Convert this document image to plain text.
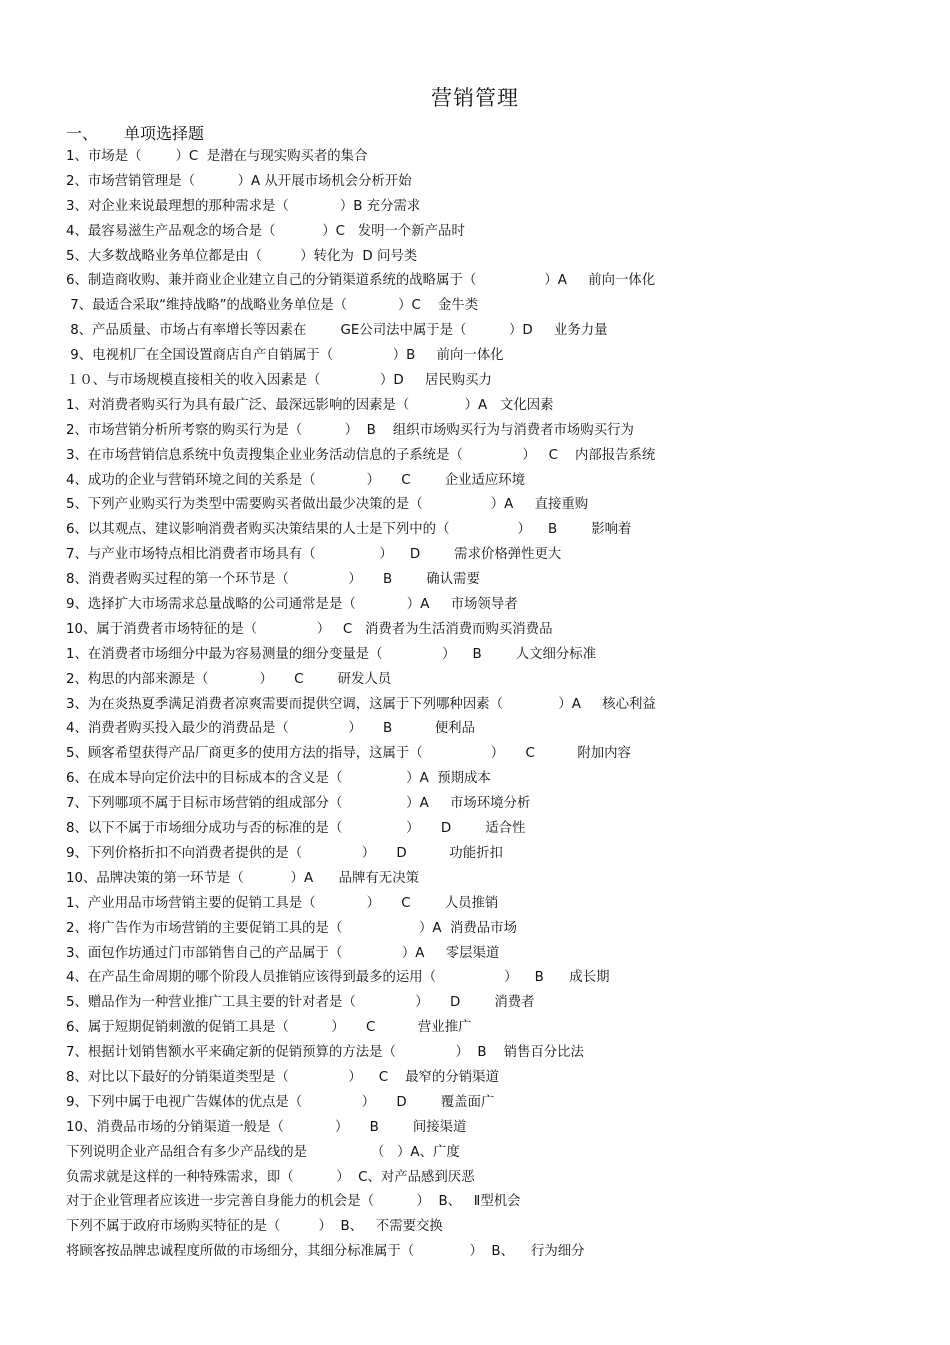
营销管理
一、 单项选择题
1、市场是（        ）C  是潜在与现实购买者的集合
2、市场营销管理是（          ）A 从开展市场机会分析开始
3、对企业来说最理想的那种需求是（            ）B 充分需求
4、最容易滋生产品观念的场合是（           ）C   发明一个新产品时
5、大多数战略业务单位都是由（         ）转化为  D 问号类
6、制造商收购、兼并商业企业建立自己的分销渠道系统的战略属于（                ）A     前向一体化
7、最适合采取“维持战略”的战略业务单位是（            ）C    金牛类
8、产品质量、市场占有率增长等因素在        GE公司法中属于是（          ）D     业务力量
9、电视机厂在全国设置商店自产自销属于（              ）B     前向一体化
１０、与市场规模直接相关的收入因素是（              ）D     居民购买力
1、对消费者购买行为具有最广泛、最深远影响的因素是（             ）A   文化因素
2、市场营销分析所考察的购买行为是（          ）  B    组织市场购买行为与消费者市场购买行为
3、在市场营销信息系统中负责搜集企业业务活动信息的子系统是（              ）   C    内部报告系统
4、成功的企业与营销环境之间的关系是（            ）     C        企业适应环境
5、下列产业购买行为类型中需要购买者做出最少决策的是（                ）A     直接重购
6、以其观点、建议影响消费者购买决策结果的人士是下列中的（                ）    B        影响着
7、与产业市场特点相比消费者市场具有（               ）    D        需求价格弹性更大
8、消费者购买过程的第一个环节是（              ）     B        确认需要
9、选择扩大市场需求总量战略的公司通常是是（            ）A     市场领导者
10、属于消费者市场特征的是（              ）   C   消费者为生活消费而购买消费品
1、在消费者市场细分中最为容易测量的细分变量是（              ）    B        人文细分标准
2、构思的内部来源是（            ）     C        研发人员
3、为在炎热夏季满足消费者凉爽需要而提供空调，这属于下列哪种因素（             ）A     核心利益
4、消费者购买投入最少的消费品是（              ）     B          便利品
5、顾客希望获得产品厂商更多的使用方法的指导，这属于（                ）     C          附加内容
6、在成本导向定价法中的目标成本的含义是（               ）A  预期成本
7、下列哪项不属于目标市场营销的组成部分（               ）A     市场环境分析
8、以下不属于市场细分成功与否的标准的是（               ）     D        适合性
9、下列价格折扣不向消费者提供的是（              ）     D          功能折扣
10、品牌决策的第一环节是（           ）A      品牌有无决策
1、产业用品市场营销主要的促销工具是（            ）     C        人员推销
2、将广告作为市场营销的主要促销工具的是（                  ）A  消费品市场
3、面包作坊通过门市部销售自己的产品属于（              ）A     零层渠道
4、在产品生命周期的哪个阶段人员推销应该得到最多的运用（                ）    B      成长期
5、赠品作为一种营业推广工具主要的针对者是（              ）     D        消费者
6、属于短期促销刺激的促销工具是（          ）     C          营业推广
7、根据计划销售额水平来确定新的促销预算的方法是（              ）  B    销售百分比法
8、对比以下最好的分销渠道类型是（              ）    C    最窄的分销渠道
9、下列中属于电视广告媒体的优点是（              ）     D        覆盖面广
10、消费品市场的分销渠道一般是（            ）     B        间接渠道
下列说明企业产品组合有多少产品线的是               （   ）A、广度
负需求就是这样的一种特殊需求，即（          ）  C、对产品感到厌恶
对于企业管理者应该进一步完善自身能力的机会是（          ）  B、   Ⅱ型机会
下列不属于政府市场购买特征的是（         ）  B、   不需要交换
将顾客按品牌忠诚程度所做的市场细分，其细分标准属于（             ）  B、    行为细分
